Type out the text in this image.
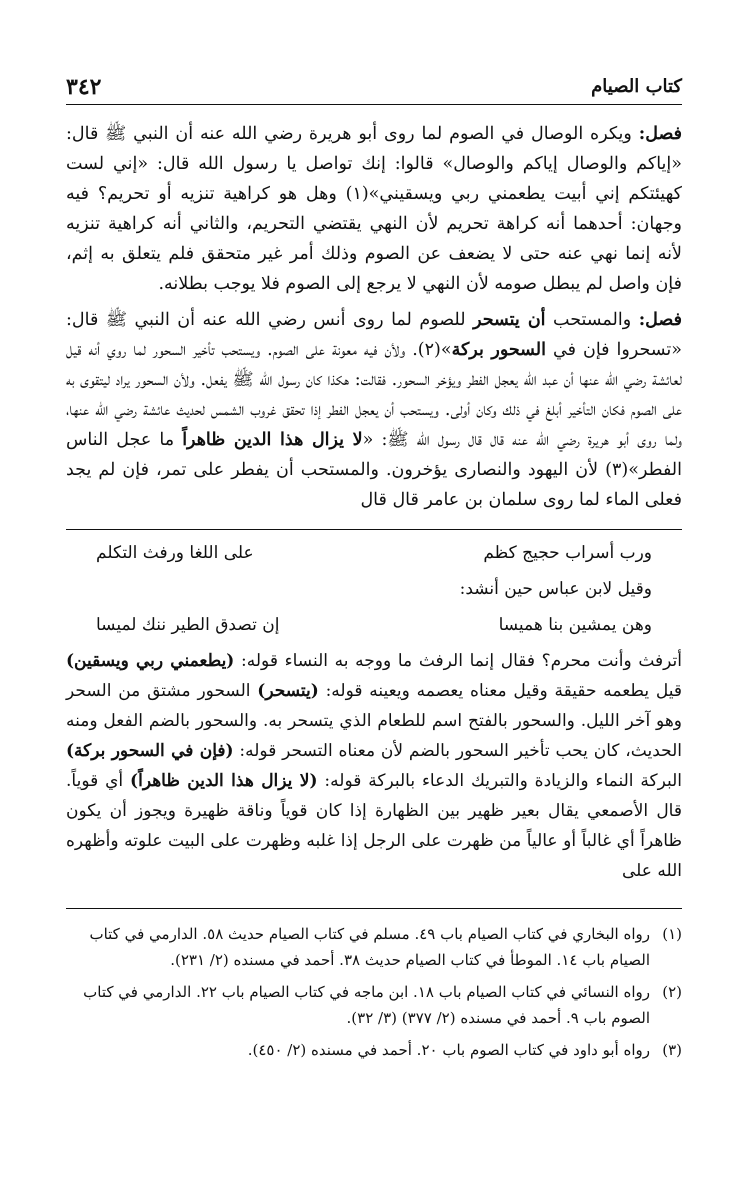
كتاب الصيام
٣٤٢

فصل: ويكره الوصال في الصوم لما روى أبو هريرة رضي الله عنه أن النبي ﷺ قال: «إياكم والوصال إياكم والوصال» قالوا: إنك تواصل يا رسول الله قال: «إني لست كهيئتكم إني أبيت يطعمني ربي ويسقيني»(١) وهل هو كراهية تنزيه أو تحريم؟ فيه وجهان: أحدهما أنه كراهة تحريم لأن النهي يقتضي التحريم، والثاني أنه كراهية تنزيه لأنه إنما نهي عنه حتى لا يضعف عن الصوم وذلك أمر غير متحقق فلم يتعلق به إثم، فإن واصل لم يبطل صومه لأن النهي لا يرجع إلى الصوم فلا يوجب بطلانه.

فصل: والمستحب أن يتسحر للصوم لما روى أنس رضي الله عنه أن النبي ﷺ قال: «تسحروا فإن في السحور بركة»(٢). ولأن فيه معونة على الصوم. ويستحب تأخير السحور لما روي أنه قيل لعائشة رضي الله عنها أن عبد الله يعجل الفطر ويؤخر السحور. فقالت: هكذا كان رسول الله ﷺ يفعل. ولأن السحور يراد ليتقوى به على الصوم فكان التأخير أبلغ في ذلك وكان أولى. ويستحب أن يعجل الفطر إذا تحقق غروب الشمس لحديث عائشة رضي الله عنها، ولما روى أبو هريرة رضي الله عنه قال قال رسول الله ﷺ: «لا يزال هذا الدين ظاهراً ما عجل الناس الفطر»(٣) لأن اليهود والنصارى يؤخرون. والمستحب أن يفطر على تمر، فإن لم يجد فعلى الماء لما روى سلمان بن عامر قال قال

ورب أسراب حجيج كظم
على اللغا ورفث التكلم

وقيل لابن عباس حين أنشد:

وهن يمشين بنا هميسا
إن تصدق الطير ننك لميسا

أترفث وأنت محرم؟ فقال إنما الرفث ما ووجه به النساء قوله: (يطعمني ربي ويسقين) قيل يطعمه حقيقة وقيل معناه يعصمه ويعينه قوله: (يتسحر) السحور مشتق من السحر وهو آخر الليل. والسحور بالفتح اسم للطعام الذي يتسحر به. والسحور بالضم الفعل ومنه الحديث، كان يحب تأخير السحور بالضم لأن معناه التسحر قوله: (فإن في السحور بركة) البركة النماء والزيادة والتبريك الدعاء بالبركة قوله: (لا يزال هذا الدين ظاهراً) أي قوياً. قال الأصمعي يقال بعير ظهير بين الظهارة إذا كان قوياً وناقة ظهيرة ويجوز أن يكون ظاهراً أي غالباً أو عالياً من ظهرت على الرجل إذا غلبه وظهرت على البيت علوته وأظهره الله على

(١)
رواه البخاري في كتاب الصيام باب ٤٩. مسلم في كتاب الصيام حديث ٥٨. الدارمي في كتاب الصيام باب ١٤. الموطأ في كتاب الصيام حديث ٣٨. أحمد في مسنده (٢/ ٢٣١).
(٢)
رواه النسائي في كتاب الصيام باب ١٨. ابن ماجه في كتاب الصيام باب ٢٢. الدارمي في كتاب الصوم باب ٩. أحمد في مسنده (٢/ ٣٧٧) (٣/ ٣٢).
(٣)
رواه أبو داود في كتاب الصوم باب ٢٠. أحمد في مسنده (٢/ ٤٥٠).
